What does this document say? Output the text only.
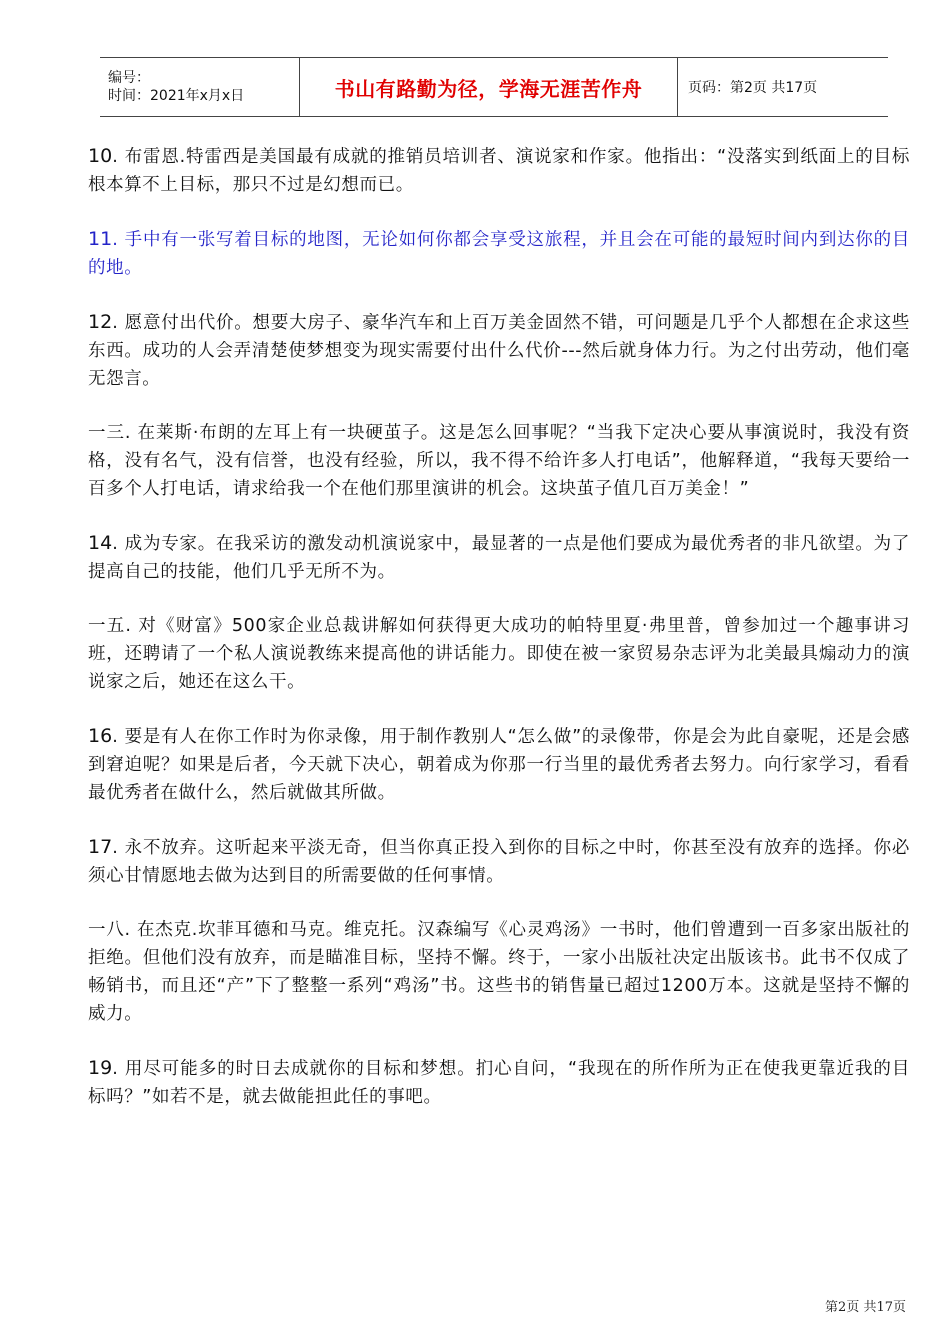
编号：
时间：2021年x月x日	书山有路勤为径，学海无涯苦作舟	页码：第2页 共17页

10. 布雷恩.特雷西是美国最有成就的推销员培训者、演说家和作家。他指出：“没落实到纸面上的目标根本算不上目标，那只不过是幻想而已。

11. 手中有一张写着目标的地图，无论如何你都会享受这旅程，并且会在可能的最短时间内到达你的目的地。

12. 愿意付出代价。想要大房子、豪华汽车和上百万美金固然不错，可问题是几乎个人都想在企求这些东西。成功的人会弄清楚使梦想变为现实需要付出什么代价---然后就身体力行。为之付出劳动，他们毫无怨言。

一三. 在莱斯·布朗的左耳上有一块硬茧子。这是怎么回事呢？“当我下定决心要从事演说时，我没有资格，没有名气，没有信誉，也没有经验，所以，我不得不给许多人打电话”，他解释道，“我每天要给一百多个人打电话，请求给我一个在他们那里演讲的机会。这块茧子值几百万美金！”

14. 成为专家。在我采访的激发动机演说家中，最显著的一点是他们要成为最优秀者的非凡欲望。为了提高自己的技能，他们几乎无所不为。

一五. 对《财富》500家企业总裁讲解如何获得更大成功的帕特里夏·弗里普，曾参加过一个趣事讲习班，还聘请了一个私人演说教练来提高他的讲话能力。即使在被一家贸易杂志评为北美最具煽动力的演说家之后，她还在这么干。

16. 要是有人在你工作时为你录像，用于制作教别人“怎么做”的录像带，你是会为此自豪呢，还是会感到窘迫呢？如果是后者，今天就下决心，朝着成为你那一行当里的最优秀者去努力。向行家学习，看看最优秀者在做什么，然后就做其所做。

17. 永不放弃。这听起来平淡无奇，但当你真正投入到你的目标之中时，你甚至没有放弃的选择。你必须心甘情愿地去做为达到目的所需要做的任何事情。

一八. 在杰克.坎菲耳德和马克。维克托。汉森编写《心灵鸡汤》一书时，他们曾遭到一百多家出版社的拒绝。但他们没有放弃，而是瞄准目标，坚持不懈。终于，一家小出版社决定出版该书。此书不仅成了畅销书，而且还“产”下了整整一系列“鸡汤”书。这些书的销售量已超过1200万本。这就是坚持不懈的威力。

19. 用尽可能多的时日去成就你的目标和梦想。扪心自问，“我现在的所作所为正在使我更靠近我的目标吗？”如若不是，就去做能担此任的事吧。

第2页 共17页
